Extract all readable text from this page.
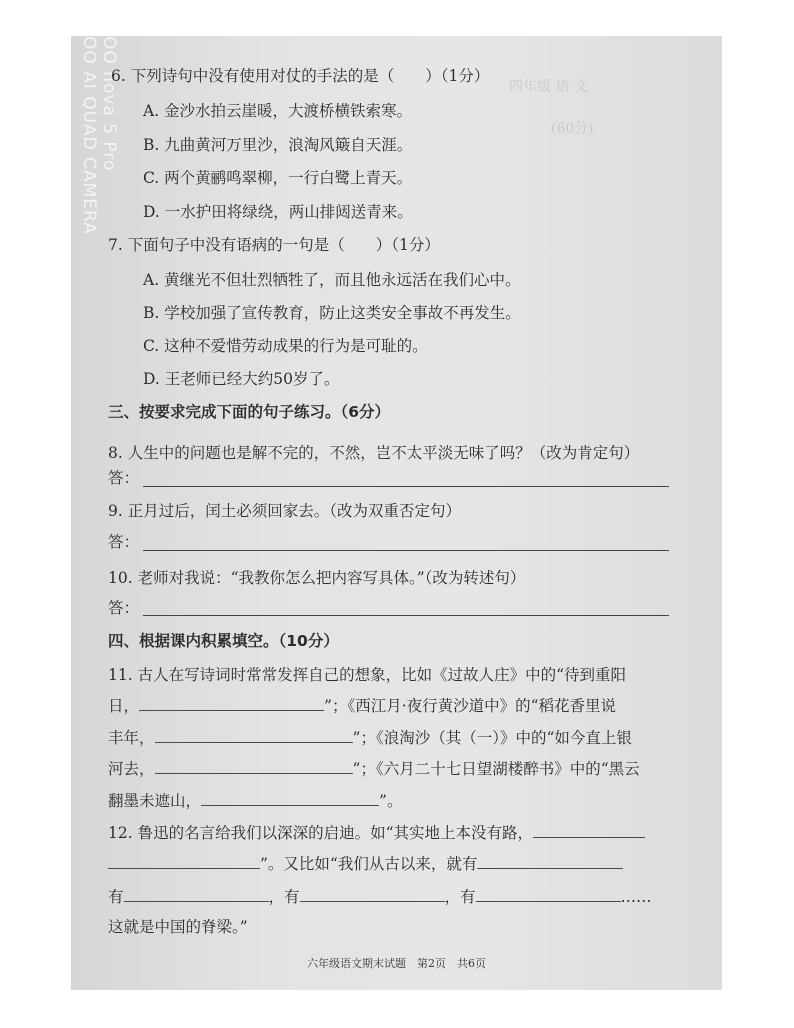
OO nova 5 Pro
OO AI QUAD CAMERA	四年级 语 文
(60分)
6. 下列诗句中没有使用对仗的手法的是（　　）（1分）
A. 金沙水拍云崖暖，大渡桥横铁索寒。
B. 九曲黄河万里沙，浪淘风簸自天涯。
C. 两个黄鹂鸣翠柳，一行白鹭上青天。
D. 一水护田将绿绕，两山排闼送青来。
7. 下面句子中没有语病的一句是（　　）（1分）
A. 黄继光不但壮烈牺牲了，而且他永远活在我们心中。
B. 学校加强了宣传教育，防止这类安全事故不再发生。
C. 这种不爱惜劳动成果的行为是可耻的。
D. 王老师已经大约50岁了。
三、按要求完成下面的句子练习。（6分）
8. 人生中的问题也是解不完的，不然，岂不太平淡无味了吗？（改为肯定句）
答：
9. 正月过后，闰土必须回家去。（改为双重否定句）
答：
10. 老师对我说：“我教你怎么把内容写具体。”（改为转述句）
答：
四、根据课内积累填空。（10分）
11. 古人在写诗词时常常发挥自己的想象，比如《过故人庄》中的“待到重阳
日，	”；《西江月·夜行黄沙道中》的“稻花香里说
丰年，	”；《浪淘沙（其（一）》中的“如今直上银
河去，	”；《六月二十七日望湖楼醉书》中的“黑云
翻墨未遮山，	”。
12. 鲁迅的名言给我们以深深的启迪。如“其实地上本没有路，
”。又比如“我们从古以来，就有
有	，有	，有	……
这就是中国的脊梁。”
六年级语文期末试题　第2页　共6页
